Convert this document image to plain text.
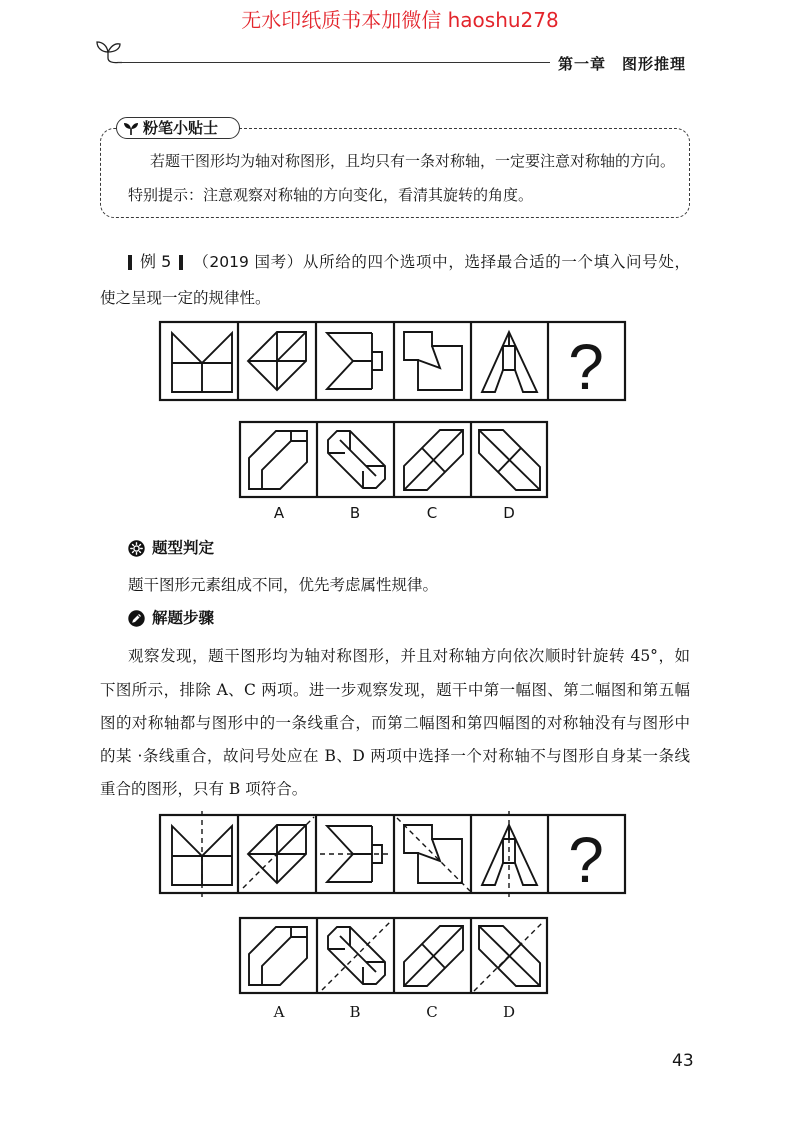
无水印纸质书本加微信 haoshu278
第一章　图形推理
粉笔小贴士
若题干图形均为轴对称图形，且均只有一条对称轴，一定要注意对称轴的方向。
特别提示：注意观察对称轴的方向变化，看清其旋转的角度。
例 5 （2019 国考）从所给的四个选项中，选择最合适的一个填入问号处，
使之呈现一定的规律性。
?
A	B	C	D
题型判定
题干图形元素组成不同，优先考虑属性规律。
解题步骤
观察发现，题干图形均为轴对称图形，并且对称轴方向依次顺时针旋转 45°，如
下图所示，排除 A、C 两项。进一步观察发现，题干中第一幅图、第二幅图和第五幅
图的对称轴都与图形中的一条线重合，而第二幅图和第四幅图的对称轴没有与图形中
的某 ·条线重合，故问号处应在 B、D 两项中选择一个对称轴不与图形自身某一条线
重合的图形，只有 B 项符合。
?
A	B	C	D
43
